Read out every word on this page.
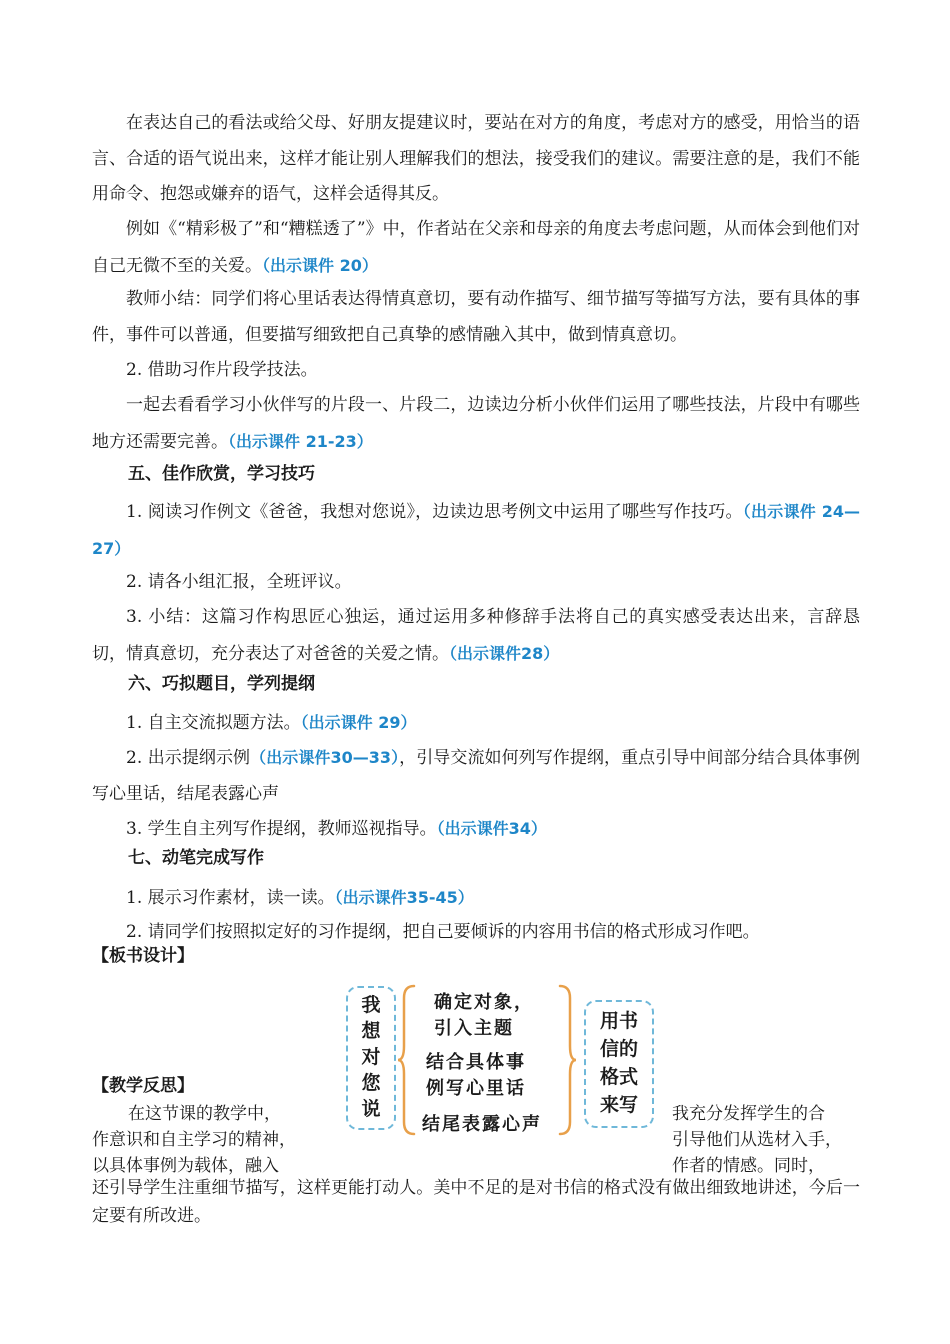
在表达自己的看法或给父母、好朋友提建议时，要站在对方的角度，考虑对方的感受，用恰当的语言、合适的语气说出来，这样才能让别人理解我们的想法，接受我们的建议。需要注意的是，我们不能用命令、抱怨或嫌弃的语气，这样会适得其反。

例如《“精彩极了”和“糟糕透了”》中，作者站在父亲和母亲的角度去考虑问题，从而体会到他们对自己无微不至的关爱。（出示课件 20）

教师小结：同学们将心里话表达得情真意切，要有动作描写、细节描写等描写方法，要有具体的事件，事件可以普通，但要描写细致把自己真挚的感情融入其中，做到情真意切。

2. 借助习作片段学技法。

一起去看看学习小伙伴写的片段一、片段二，边读边分析小伙伴们运用了哪些技法，片段中有哪些地方还需要完善。（出示课件 21-23）

五、佳作欣赏，学习技巧

1. 阅读习作例文《爸爸，我想对您说》，边读边思考例文中运用了哪些写作技巧。（出示课件 24—27）

2. 请各小组汇报，全班评议。

3. 小结：这篇习作构思匠心独运，通过运用多种修辞手法将自己的真实感受表达出来，言辞恳切，情真意切，充分表达了对爸爸的关爱之情。（出示课件28）

六、巧拟题目，学列提纲

1. 自主交流拟题方法。（出示课件 29）

2. 出示提纲示例（出示课件30—33），引导交流如何列写作提纲，重点引导中间部分结合具体事例写心里话，结尾表露心声

3. 学生自主列写作提纲，教师巡视指导。（出示课件34）

七、动笔完成写作

1. 展示习作素材，读一读。（出示课件35-45）

2. 请同学们按照拟定好的习作提纲，把自己要倾诉的内容用书信的格式形成习作吧。

【板书设计】

我
想
对
您
说
确定对象，
引入主题
结合具体事
例写心里话
结尾表露心声
用书
信的
格式
来写

【教学反思】

在这节课的教学中，	我充分发挥学生的合

作意识和自主学习的精神，	引导他们从选材入手，

以具体事例为载体，融入	作者的情感。同时，

还引导学生注重细节描写，这样更能打动人。美中不足的是对书信的格式没有做出细致地讲述，今后一定要有所改进。
